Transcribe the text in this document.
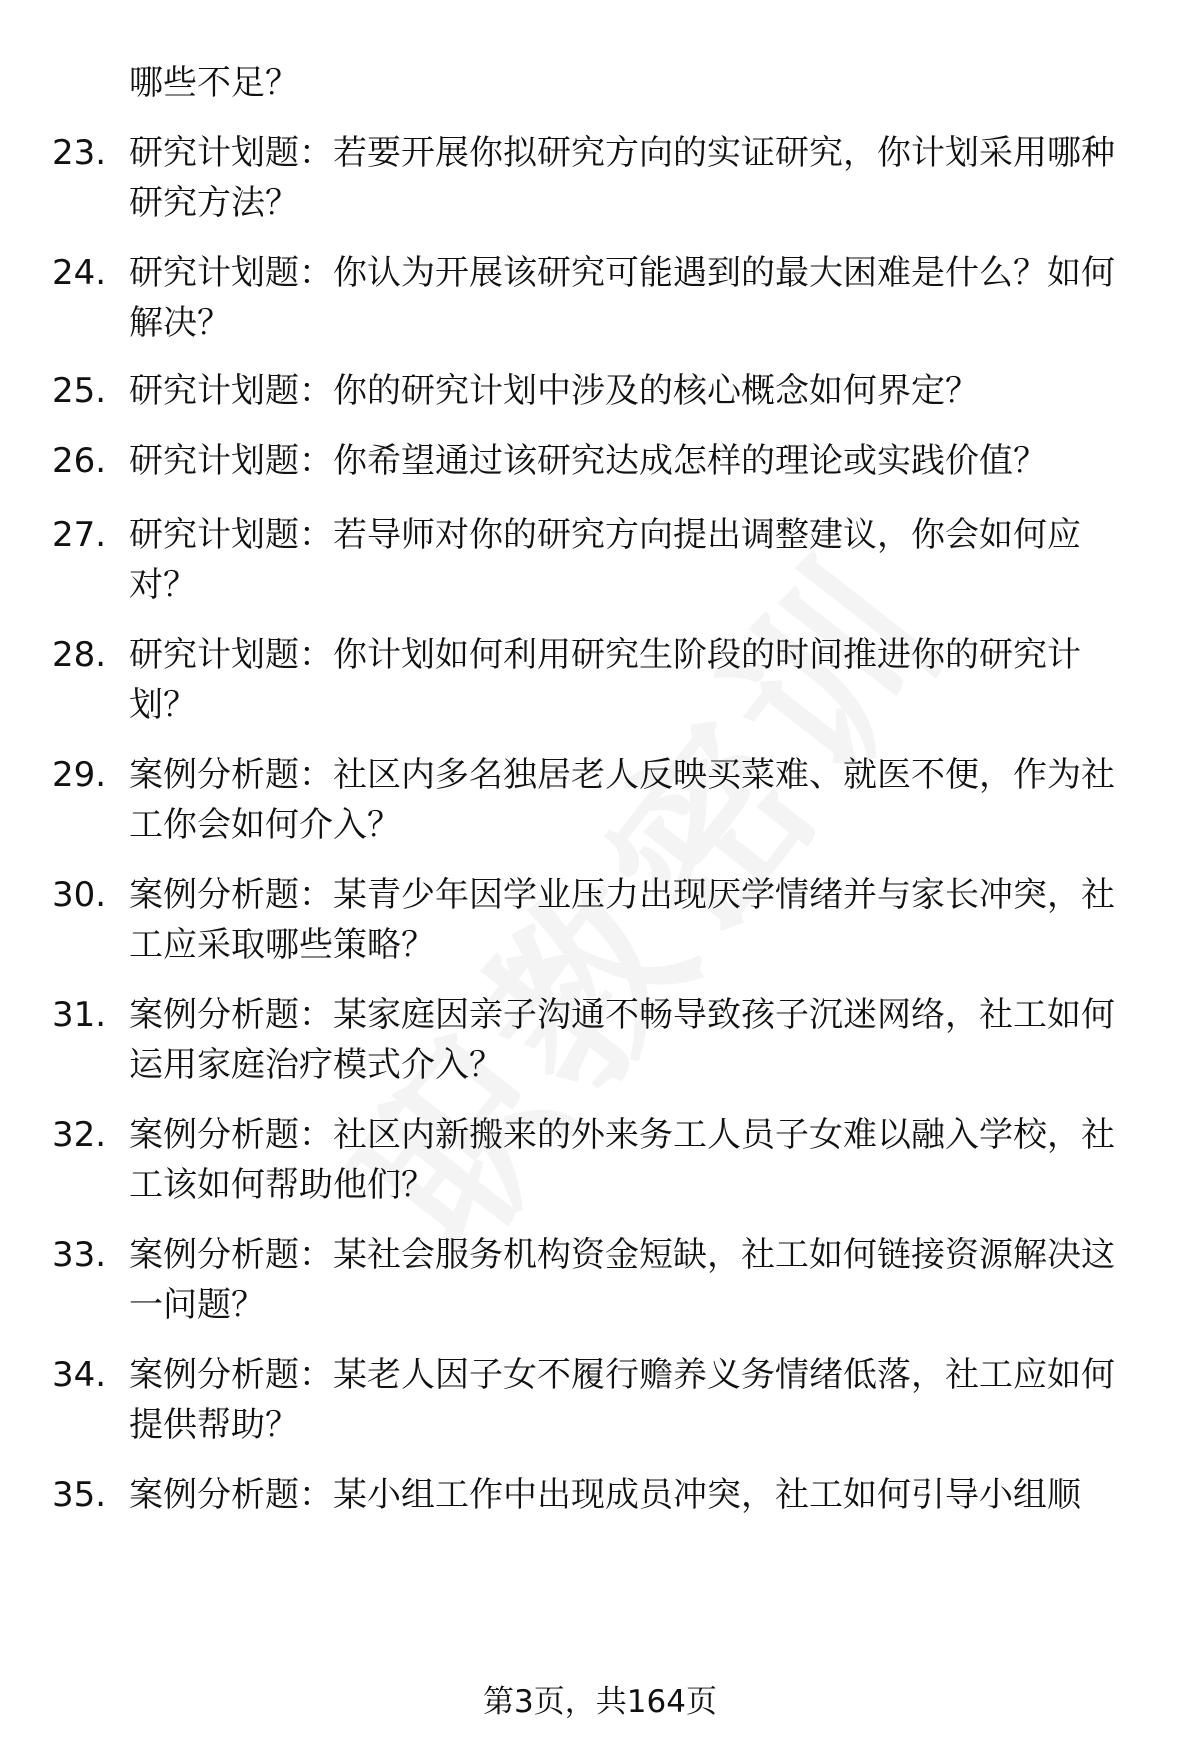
哪些不足？

23. 研究计划题：若要开展你拟研究方向的实证研究，你计划采用哪种研究方法？

24. 研究计划题：你认为开展该研究可能遇到的最大困难是什么？如何解决？

25. 研究计划题：你的研究计划中涉及的核心概念如何界定？

26. 研究计划题：你希望通过该研究达成怎样的理论或实践价值？

27. 研究计划题：若导师对你的研究方向提出调整建议，你会如何应对？

28. 研究计划题：你计划如何利用研究生阶段的时间推进你的研究计划？

29. 案例分析题：社区内多名独居老人反映买菜难、就医不便，作为社工你会如何介入？

30. 案例分析题：某青少年因学业压力出现厌学情绪并与家长冲突，社工应采取哪些策略？

31. 案例分析题：某家庭因亲子沟通不畅导致孩子沉迷网络，社工如何运用家庭治疗模式介入？

32. 案例分析题：社区内新搬来的外来务工人员子女难以融入学校，社工该如何帮助他们？

33. 案例分析题：某社会服务机构资金短缺，社工如何链接资源解决这一问题？

34. 案例分析题：某老人因子女不履行赡养义务情绪低落，社工应如何提供帮助？

35. 案例分析题：某小组工作中出现成员冲突，社工如何引导小组顺

第3页，共164页
